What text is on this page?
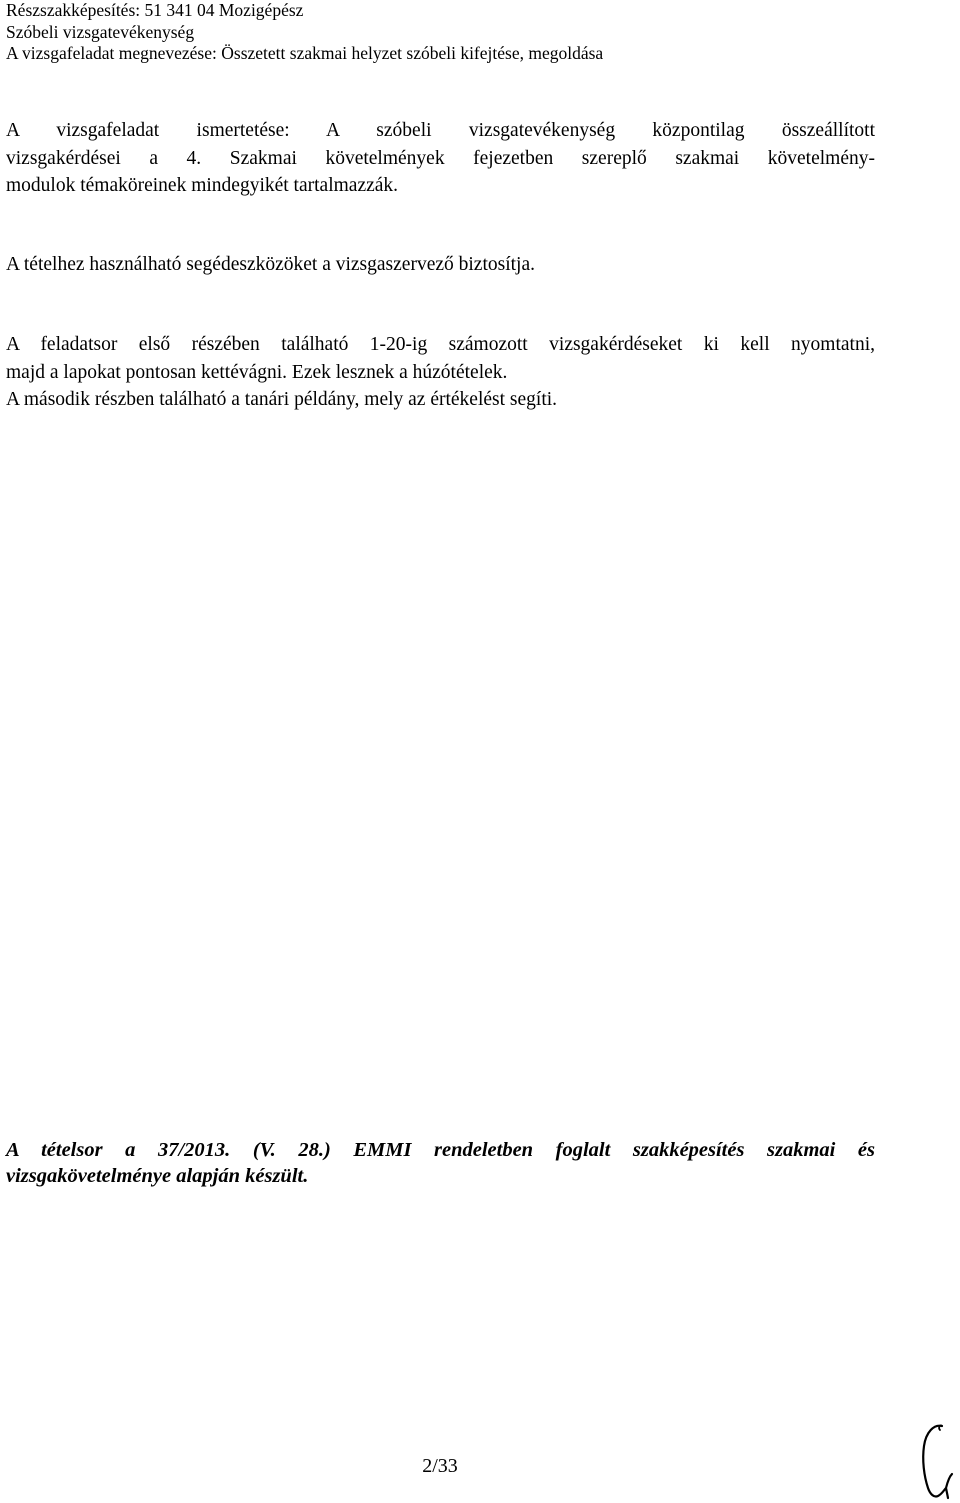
Részszakképesítés: 51 341 04 Mozigépész
Szóbeli vizsgatevékenység
A vizsgafeladat megnevezése: Összetett szakmai helyzet szóbeli kifejtése, megoldása
A vizsgafeladat ismertetése: A szóbeli vizsgatevékenység központilag összeállított
vizsgakérdései a 4. Szakmai követelmények fejezetben szereplő szakmai követelmény-
modulok témaköreinek mindegyikét tartalmazzák.
A tételhez használható segédeszközöket a vizsgaszervező biztosítja.
A feladatsor első részében található 1-20-ig számozott vizsgakérdéseket ki kell nyomtatni,
majd a lapokat pontosan kettévágni. Ezek lesznek a húzótételek.
A második részben található a tanári példány, mely az értékelést segíti.
A tételsor a 37/2013. (V. 28.) EMMI rendeletben foglalt szakképesítés szakmai és
vizsgakövetelménye alapján készült.
2/33
